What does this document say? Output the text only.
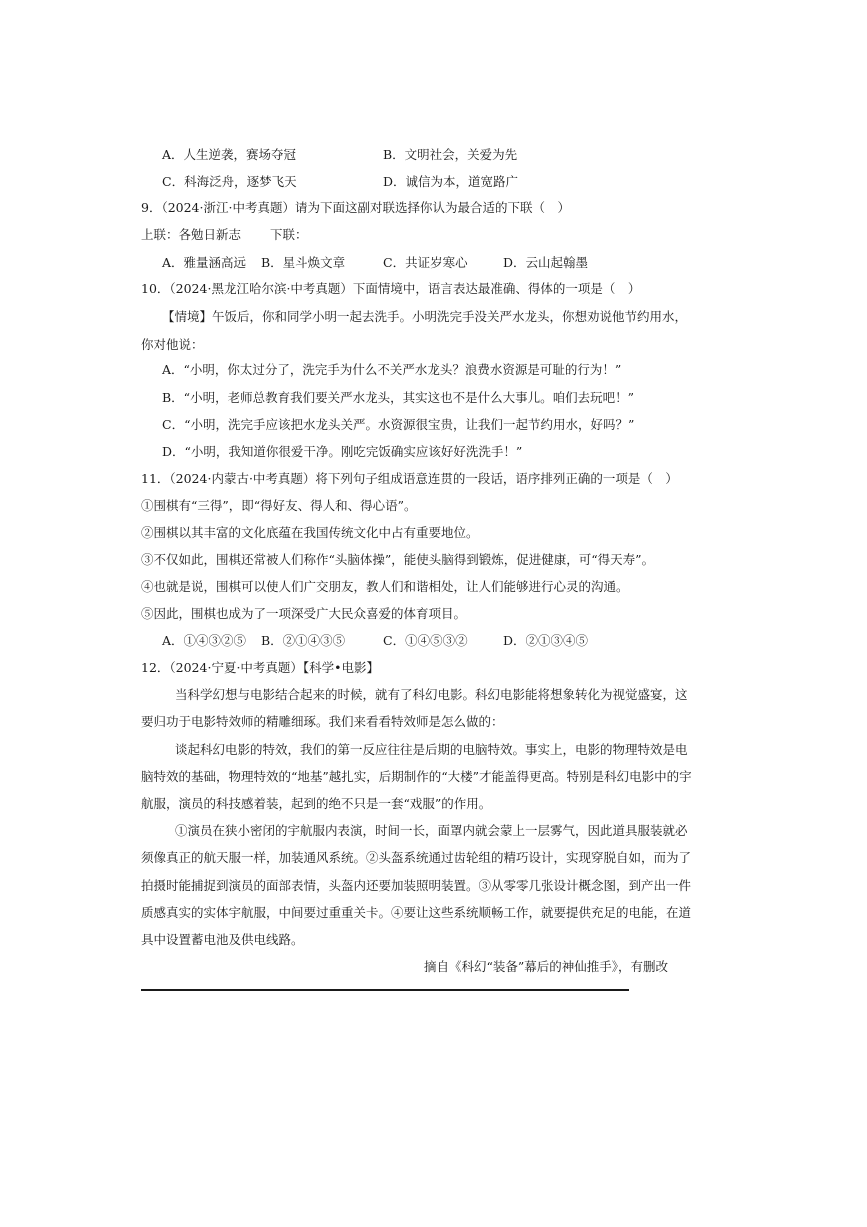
A．人生逆袭，赛场夺冠	B．文明社会，关爱为先
C．科海泛舟，逐梦飞天	D．诚信为本，道宽路广
9．（2024·浙江·中考真题）请为下面这副对联选择你认为最合适的下联（　）
上联：各勉日新志　　 下联：
A．雅量涵高远 B．星斗焕文章	C．共证岁寒心	D．云山起翰墨
10．（2024·黑龙江哈尔滨·中考真题）下面情境中，语言表达最准确、得体的一项是（　）
【情境】午饭后，你和同学小明一起去洗手。小明洗完手没关严水龙头，你想劝说他节约用水，
你对他说：
A．“小明，你太过分了，洗完手为什么不关严水龙头？浪费水资源是可耻的行为！”
B．“小明，老师总教育我们要关严水龙头，其实这也不是什么大事儿。咱们去玩吧！”
C．“小明，洗完手应该把水龙头关严。水资源很宝贵，让我们一起节约用水，好吗？”
D．“小明，我知道你很爱干净。刚吃完饭确实应该好好洗洗手！”
11．（2024·内蒙古·中考真题）将下列句子组成语意连贯的一段话，语序排列正确的一项是（　）
①围棋有“三得”，即“得好友、得人和、得心语”。
②围棋以其丰富的文化底蕴在我国传统文化中占有重要地位。
③不仅如此，围棋还常被人们称作“头脑体操”，能使头脑得到锻炼，促进健康，可“得天寿”。
④也就是说，围棋可以使人们广交朋友，教人们和谐相处，让人们能够进行心灵的沟通。
⑤因此，围棋也成为了一项深受广大民众喜爱的体育项目。
A．①④③②⑤ B．②①④③⑤	C．①④⑤③②	D．②①③④⑤
12．（2024·宁夏·中考真题）【科学•电影】
当科学幻想与电影结合起来的时候，就有了科幻电影。科幻电影能将想象转化为视觉盛宴，这
要归功于电影特效师的精雕细琢。我们来看看特效师是怎么做的：
谈起科幻电影的特效，我们的第一反应往往是后期的电脑特效。事实上，电影的物理特效是电
脑特效的基础，物理特效的“地基”越扎实，后期制作的“大楼”才能盖得更高。特别是科幻电影中的宇
航服，演员的科技感着装，起到的绝不只是一套“戏服”的作用。
①演员在狭小密闭的宇航服内表演，时间一长，面罩内就会蒙上一层雾气，因此道具服装就必
须像真正的航天服一样，加装通风系统。②头盔系统通过齿轮组的精巧设计，实现穿脱自如，而为了
拍摄时能捕捉到演员的面部表情，头盔内还要加装照明装置。③从零零几张设计概念图，到产出一件
质感真实的实体宇航服，中间要过重重关卡。④要让这些系统顺畅工作，就要提供充足的电能，在道
具中设置蓄电池及供电线路。
摘自《科幻“装备”幕后的神仙推手》，有删改
